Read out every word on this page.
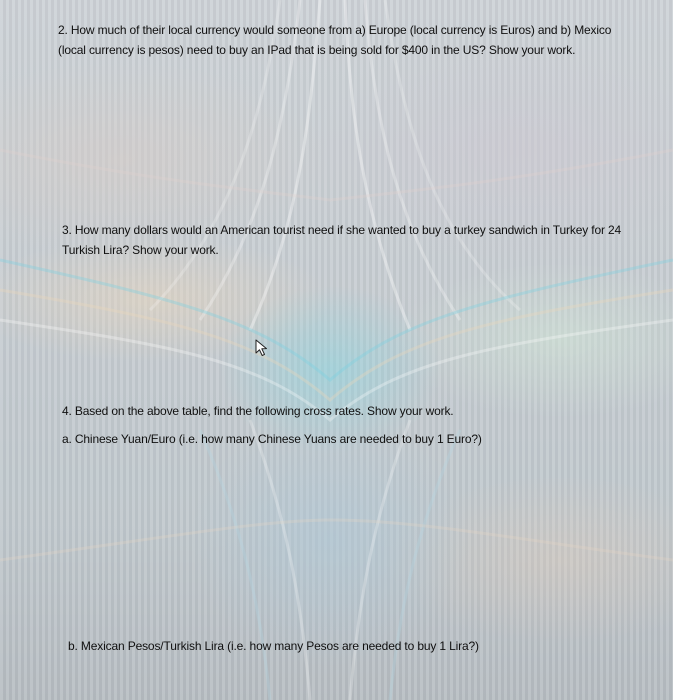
2. How much of their local currency would someone from a) Europe (local currency is Euros) and b) Mexico (local currency is pesos) need to buy an IPad that is being sold for $400 in the US? Show your work.

3. How many dollars would an American tourist need if she wanted to buy a turkey sandwich in Turkey for 24 Turkish Lira? Show your work.

4. Based on the above table, find the following cross rates. Show your work.

a. Chinese Yuan/Euro (i.e. how many Chinese Yuans are needed to buy 1 Euro?)

b. Mexican Pesos/Turkish Lira (i.e. how many Pesos are needed to buy 1 Lira?)
